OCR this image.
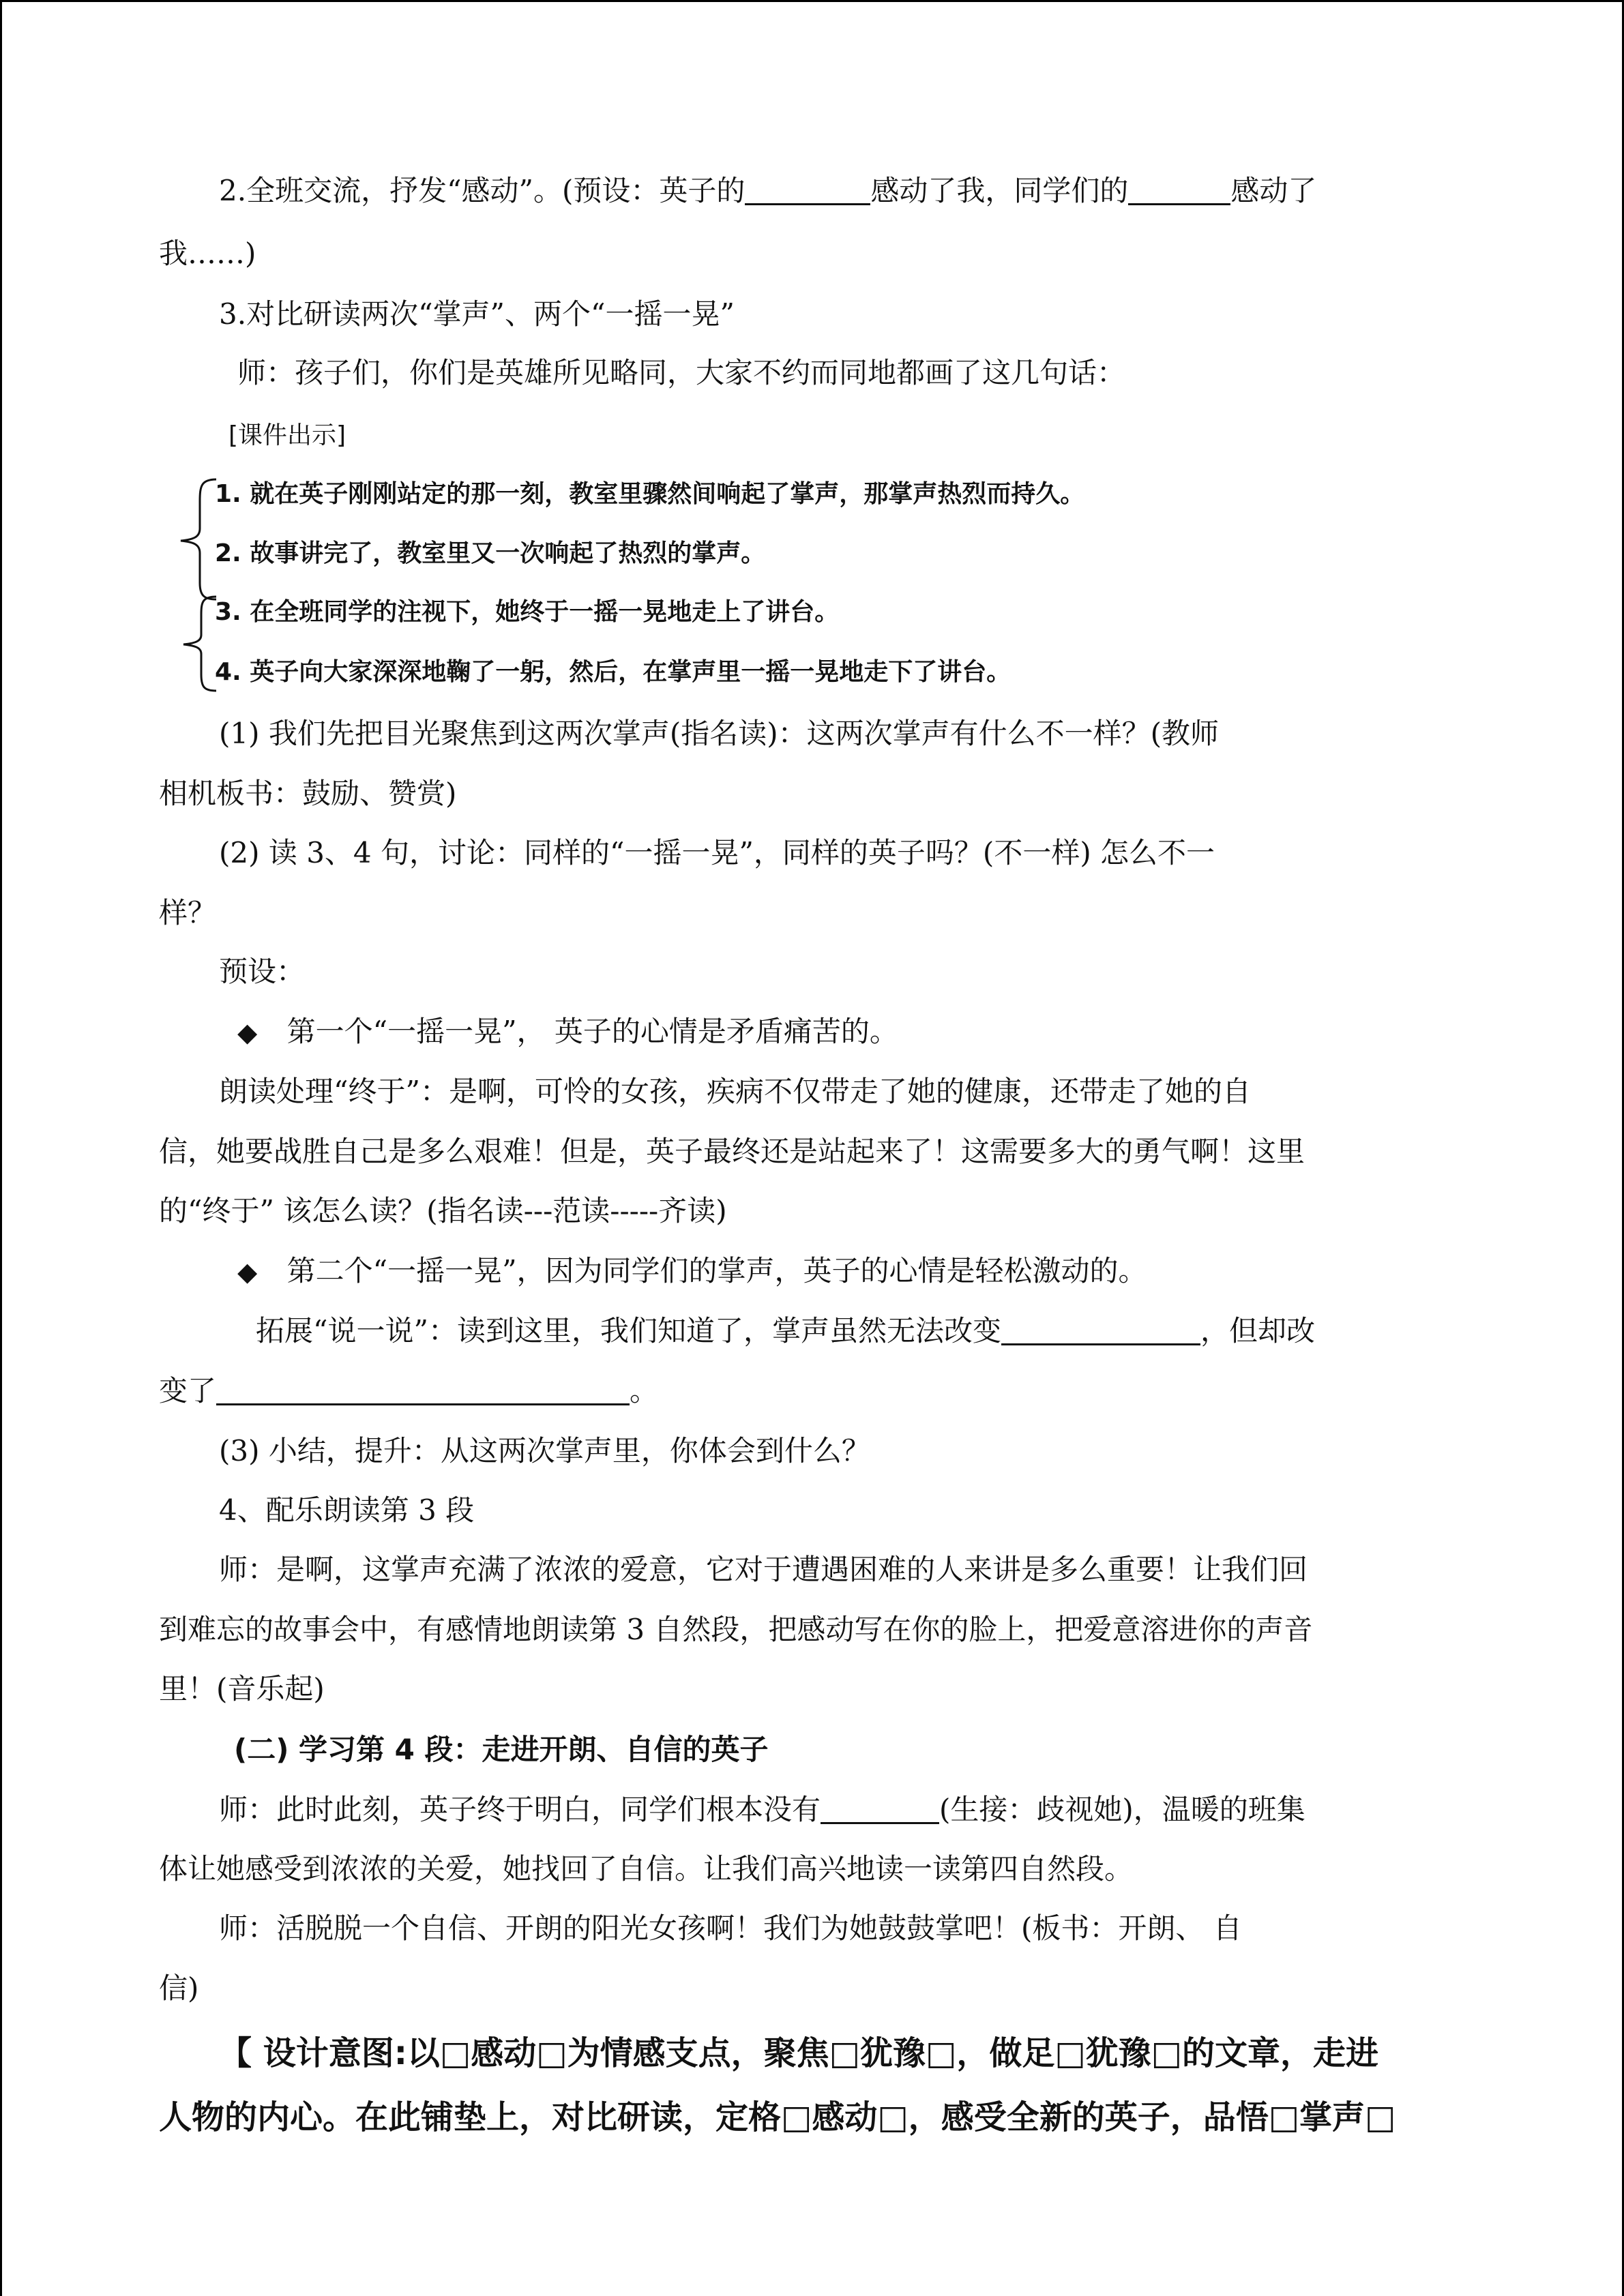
2.全班交流，抒发“感动”。(预设：英子的	感动了我，同学们的	感动了
我……)
3.对比研读两次“掌声”、两个“一摇一晃”
师：孩子们，你们是英雄所见略同，大家不约而同地都画了这几句话：
[课件出示]
1. 就在英子刚刚站定的那一刻，教室里骤然间响起了掌声，那掌声热烈而持久。
2. 故事讲完了，教室里又一次响起了热烈的掌声。
3. 在全班同学的注视下，她终于一摇一晃地走上了讲台。
4. 英子向大家深深地鞠了一躬，然后，在掌声里一摇一晃地走下了讲台。
(1) 我们先把目光聚焦到这两次掌声(指名读)：这两次掌声有什么不一样？(教师
相机板书：鼓励、赞赏)
(2) 读 3、4 句，讨论：同样的“一摇一晃”，同样的英子吗？(不一样) 怎么不一
样？
预设：
◆ 第一个“一摇一晃”， 英子的心情是矛盾痛苦的。
朗读处理“终于”：是啊，可怜的女孩，疾病不仅带走了她的健康，还带走了她的自
信，她要战胜自己是多么艰难！但是，英子最终还是站起来了！这需要多大的勇气啊！这里
的“终于” 该怎么读？(指名读---范读-----齐读)
◆ 第二个“一摇一晃”，因为同学们的掌声，英子的心情是轻松激动的。
拓展“说一说”：读到这里，我们知道了，掌声虽然无法改变	，但却改
变了	。
(3) 小结，提升：从这两次掌声里，你体会到什么？
4、配乐朗读第 3 段
师：是啊，这掌声充满了浓浓的爱意，它对于遭遇困难的人来讲是多么重要！让我们回
到难忘的故事会中，有感情地朗读第 3 自然段，把感动写在你的脸上，把爱意溶进你的声音
里！(音乐起)
(二) 学习第 4 段：走进开朗、自信的英子
师：此时此刻，英子终于明白，同学们根本没有	(生接：歧视她)，温暖的班集
体让她感受到浓浓的关爱，她找回了自信。让我们高兴地读一读第四自然段。
师：活脱脱一个自信、开朗的阳光女孩啊！我们为她鼓鼓掌吧！(板书：开朗、 自
信)
【 设计意图:以□感动□为情感支点，聚焦□犹豫□，做足□犹豫□的文章，走进
人物的内心。在此铺垫上，对比研读，定格□感动□，感受全新的英子，品悟□掌声□
